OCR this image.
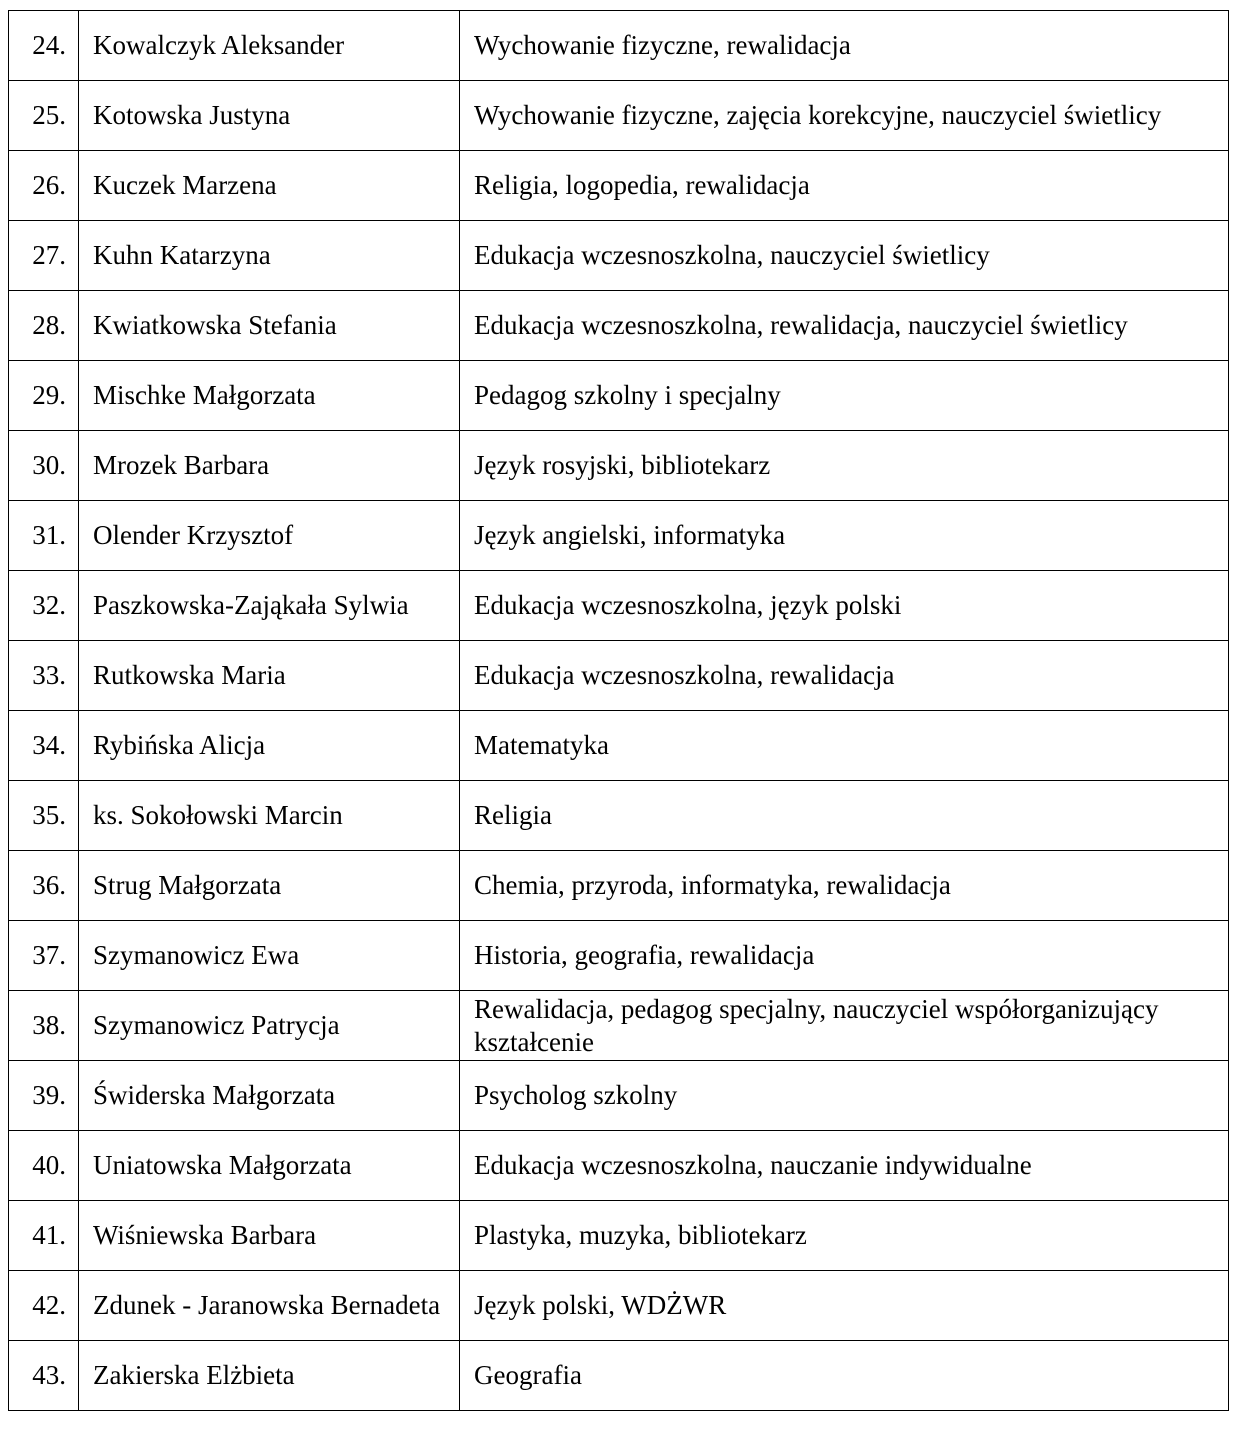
24.	Kowalczyk Aleksander	Wychowanie fizyczne, rewalidacja
25.	Kotowska Justyna	Wychowanie fizyczne, zajęcia korekcyjne, nauczyciel świetlicy
26.	Kuczek Marzena	Religia, logopedia, rewalidacja
27.	Kuhn Katarzyna	Edukacja wczesnoszkolna, nauczyciel świetlicy
28.	Kwiatkowska Stefania	Edukacja wczesnoszkolna, rewalidacja, nauczyciel świetlicy
29.	Mischke Małgorzata	Pedagog szkolny i specjalny
30.	Mrozek Barbara	Język rosyjski, bibliotekarz
31.	Olender Krzysztof	Język angielski, informatyka
32.	Paszkowska-Zająkała Sylwia	Edukacja wczesnoszkolna, język polski
33.	Rutkowska Maria	Edukacja wczesnoszkolna, rewalidacja
34.	Rybińska Alicja	Matematyka
35.	ks. Sokołowski Marcin	Religia
36.	Strug Małgorzata	Chemia, przyroda, informatyka, rewalidacja
37.	Szymanowicz Ewa	Historia, geografia, rewalidacja
38.	Szymanowicz Patrycja	Rewalidacja, pedagog specjalny, nauczyciel współorganizujący kształcenie
39.	Świderska Małgorzata	Psycholog szkolny
40.	Uniatowska Małgorzata	Edukacja wczesnoszkolna, nauczanie indywidualne
41.	Wiśniewska Barbara	Plastyka, muzyka, bibliotekarz
42.	Zdunek - Jaranowska Bernadeta	Język polski, WDŻWR
43.	Zakierska Elżbieta	Geografia
